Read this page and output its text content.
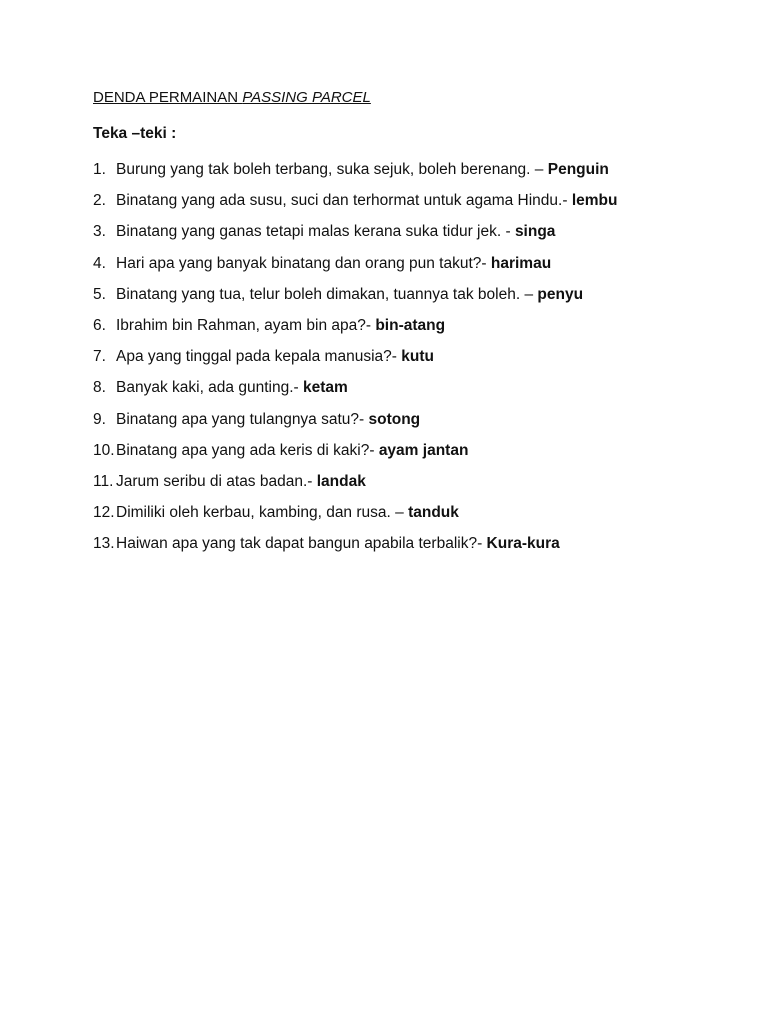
DENDA PERMAINAN PASSING PARCEL
Teka –teki :
1. Burung yang tak boleh terbang, suka sejuk, boleh berenang. – Penguin
2. Binatang yang ada susu, suci dan terhormat untuk agama Hindu.- lembu
3. Binatang yang ganas tetapi malas kerana suka tidur jek. - singa
4. Hari apa yang banyak binatang dan orang pun takut?- harimau
5. Binatang yang tua, telur boleh dimakan, tuannya tak boleh. – penyu
6. Ibrahim bin Rahman, ayam bin apa?- bin-atang
7. Apa yang tinggal pada kepala manusia?- kutu
8. Banyak kaki, ada gunting.- ketam
9. Binatang apa yang tulangnya satu?- sotong
10. Binatang apa yang ada keris di kaki?- ayam jantan
11. Jarum seribu di atas badan.- landak
12. Dimiliki oleh kerbau, kambing, dan rusa. – tanduk
13. Haiwan apa yang tak dapat bangun apabila terbalik?- Kura-kura
